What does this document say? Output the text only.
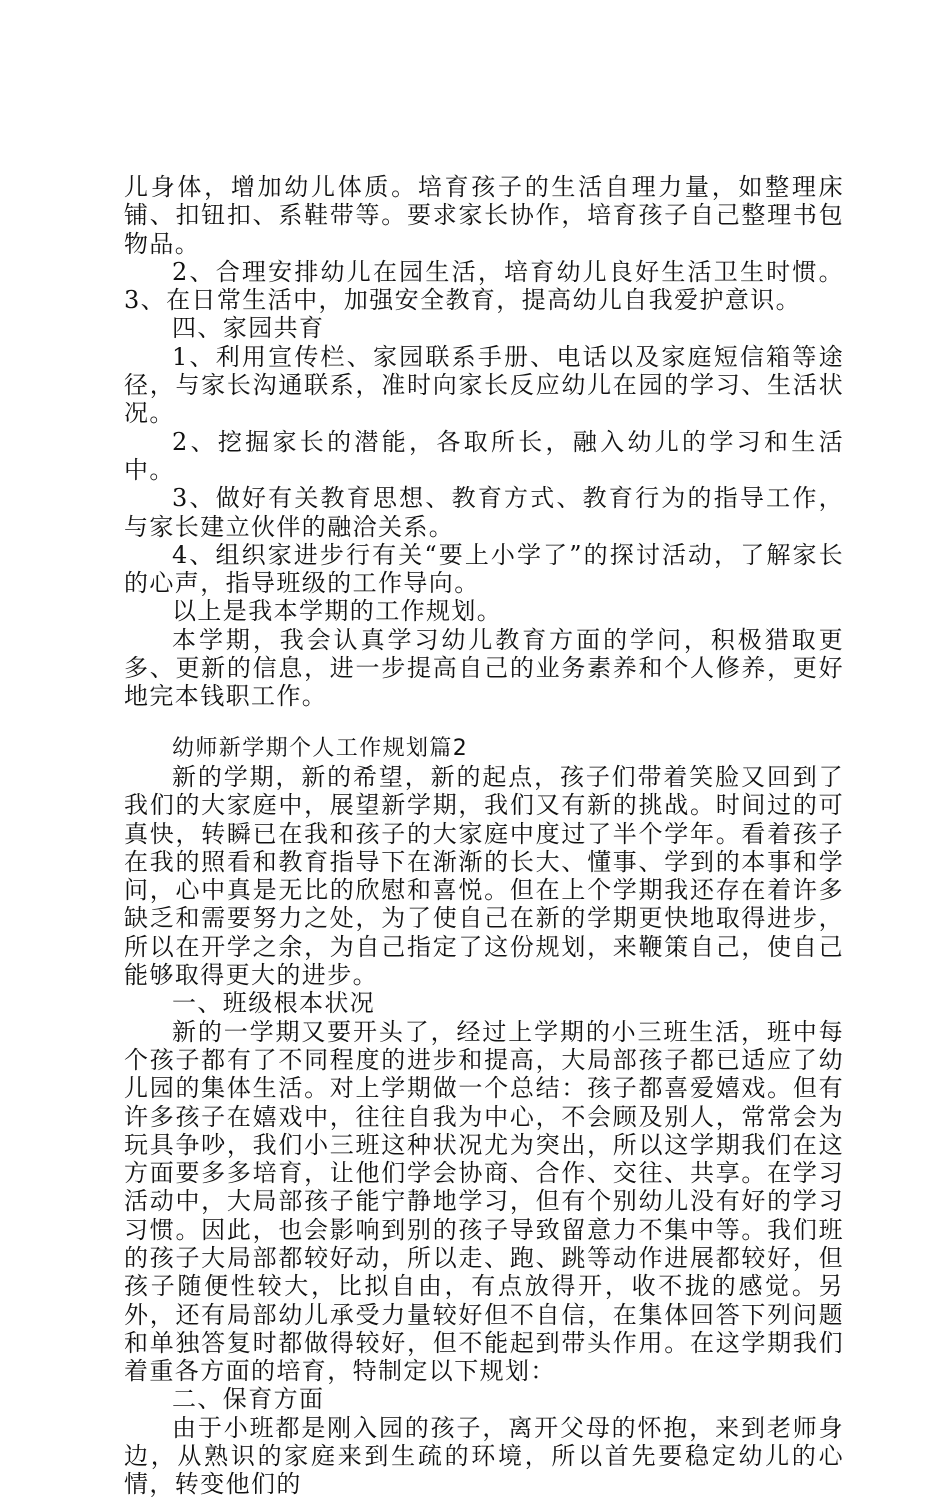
儿身体，增加幼儿体质。培育孩子的生活自理力量，如整理床铺、扣钮扣、系鞋带等。要求家长协作，培育孩子自己整理书包物品。

2、合理安排幼儿在园生活，培育幼儿良好生活卫生时惯。3、在日常生活中，加强安全教育，提高幼儿自我爱护意识。

四、家园共育

1、利用宣传栏、家园联系手册、电话以及家庭短信箱等途径，与家长沟通联系，准时向家长反应幼儿在园的学习、生活状况。

2、挖掘家长的潜能，各取所长，融入幼儿的学习和生活中。

3、做好有关教育思想、教育方式、教育行为的指导工作，与家长建立伙伴的融洽关系。

4、组织家进步行有关“要上小学了”的探讨活动，了解家长的心声，指导班级的工作导向。

以上是我本学期的工作规划。

本学期，我会认真学习幼儿教育方面的学问，积极猎取更多、更新的信息，进一步提高自己的业务素养和个人修养，更好地完本钱职工作。

幼师新学期个人工作规划篇2

新的学期，新的希望，新的起点，孩子们带着笑脸又回到了我们的大家庭中，展望新学期，我们又有新的挑战。时间过的可真快，转瞬已在我和孩子的大家庭中度过了半个学年。看着孩子在我的照看和教育指导下在渐渐的长大、懂事、学到的本事和学问，心中真是无比的欣慰和喜悦。但在上个学期我还存在着许多缺乏和需要努力之处，为了使自己在新的学期更快地取得进步，所以在开学之余，为自己指定了这份规划，来鞭策自己，使自己能够取得更大的进步。

一、班级根本状况

新的一学期又要开头了，经过上学期的小三班生活，班中每个孩子都有了不同程度的进步和提高，大局部孩子都已适应了幼儿园的集体生活。对上学期做一个总结：孩子都喜爱嬉戏。但有许多孩子在嬉戏中，往往自我为中心，不会顾及别人，常常会为玩具争吵，我们小三班这种状况尤为突出，所以这学期我们在这方面要多多培育，让他们学会协商、合作、交往、共享。在学习活动中，大局部孩子能宁静地学习，但有个别幼儿没有好的学习习惯。因此，也会影响到别的孩子导致留意力不集中等。我们班的孩子大局部都较好动，所以走、跑、跳等动作进展都较好，但孩子随便性较大，比拟自由，有点放得开，收不拢的感觉。另外，还有局部幼儿承受力量较好但不自信，在集体回答下列问题和单独答复时都做得较好，但不能起到带头作用。在这学期我们着重各方面的培育，特制定以下规划：

二、保育方面

由于小班都是刚入园的孩子，离开父母的怀抱，来到老师身边，从熟识的家庭来到生疏的环境，所以首先要稳定幼儿的心情，转变他们的
